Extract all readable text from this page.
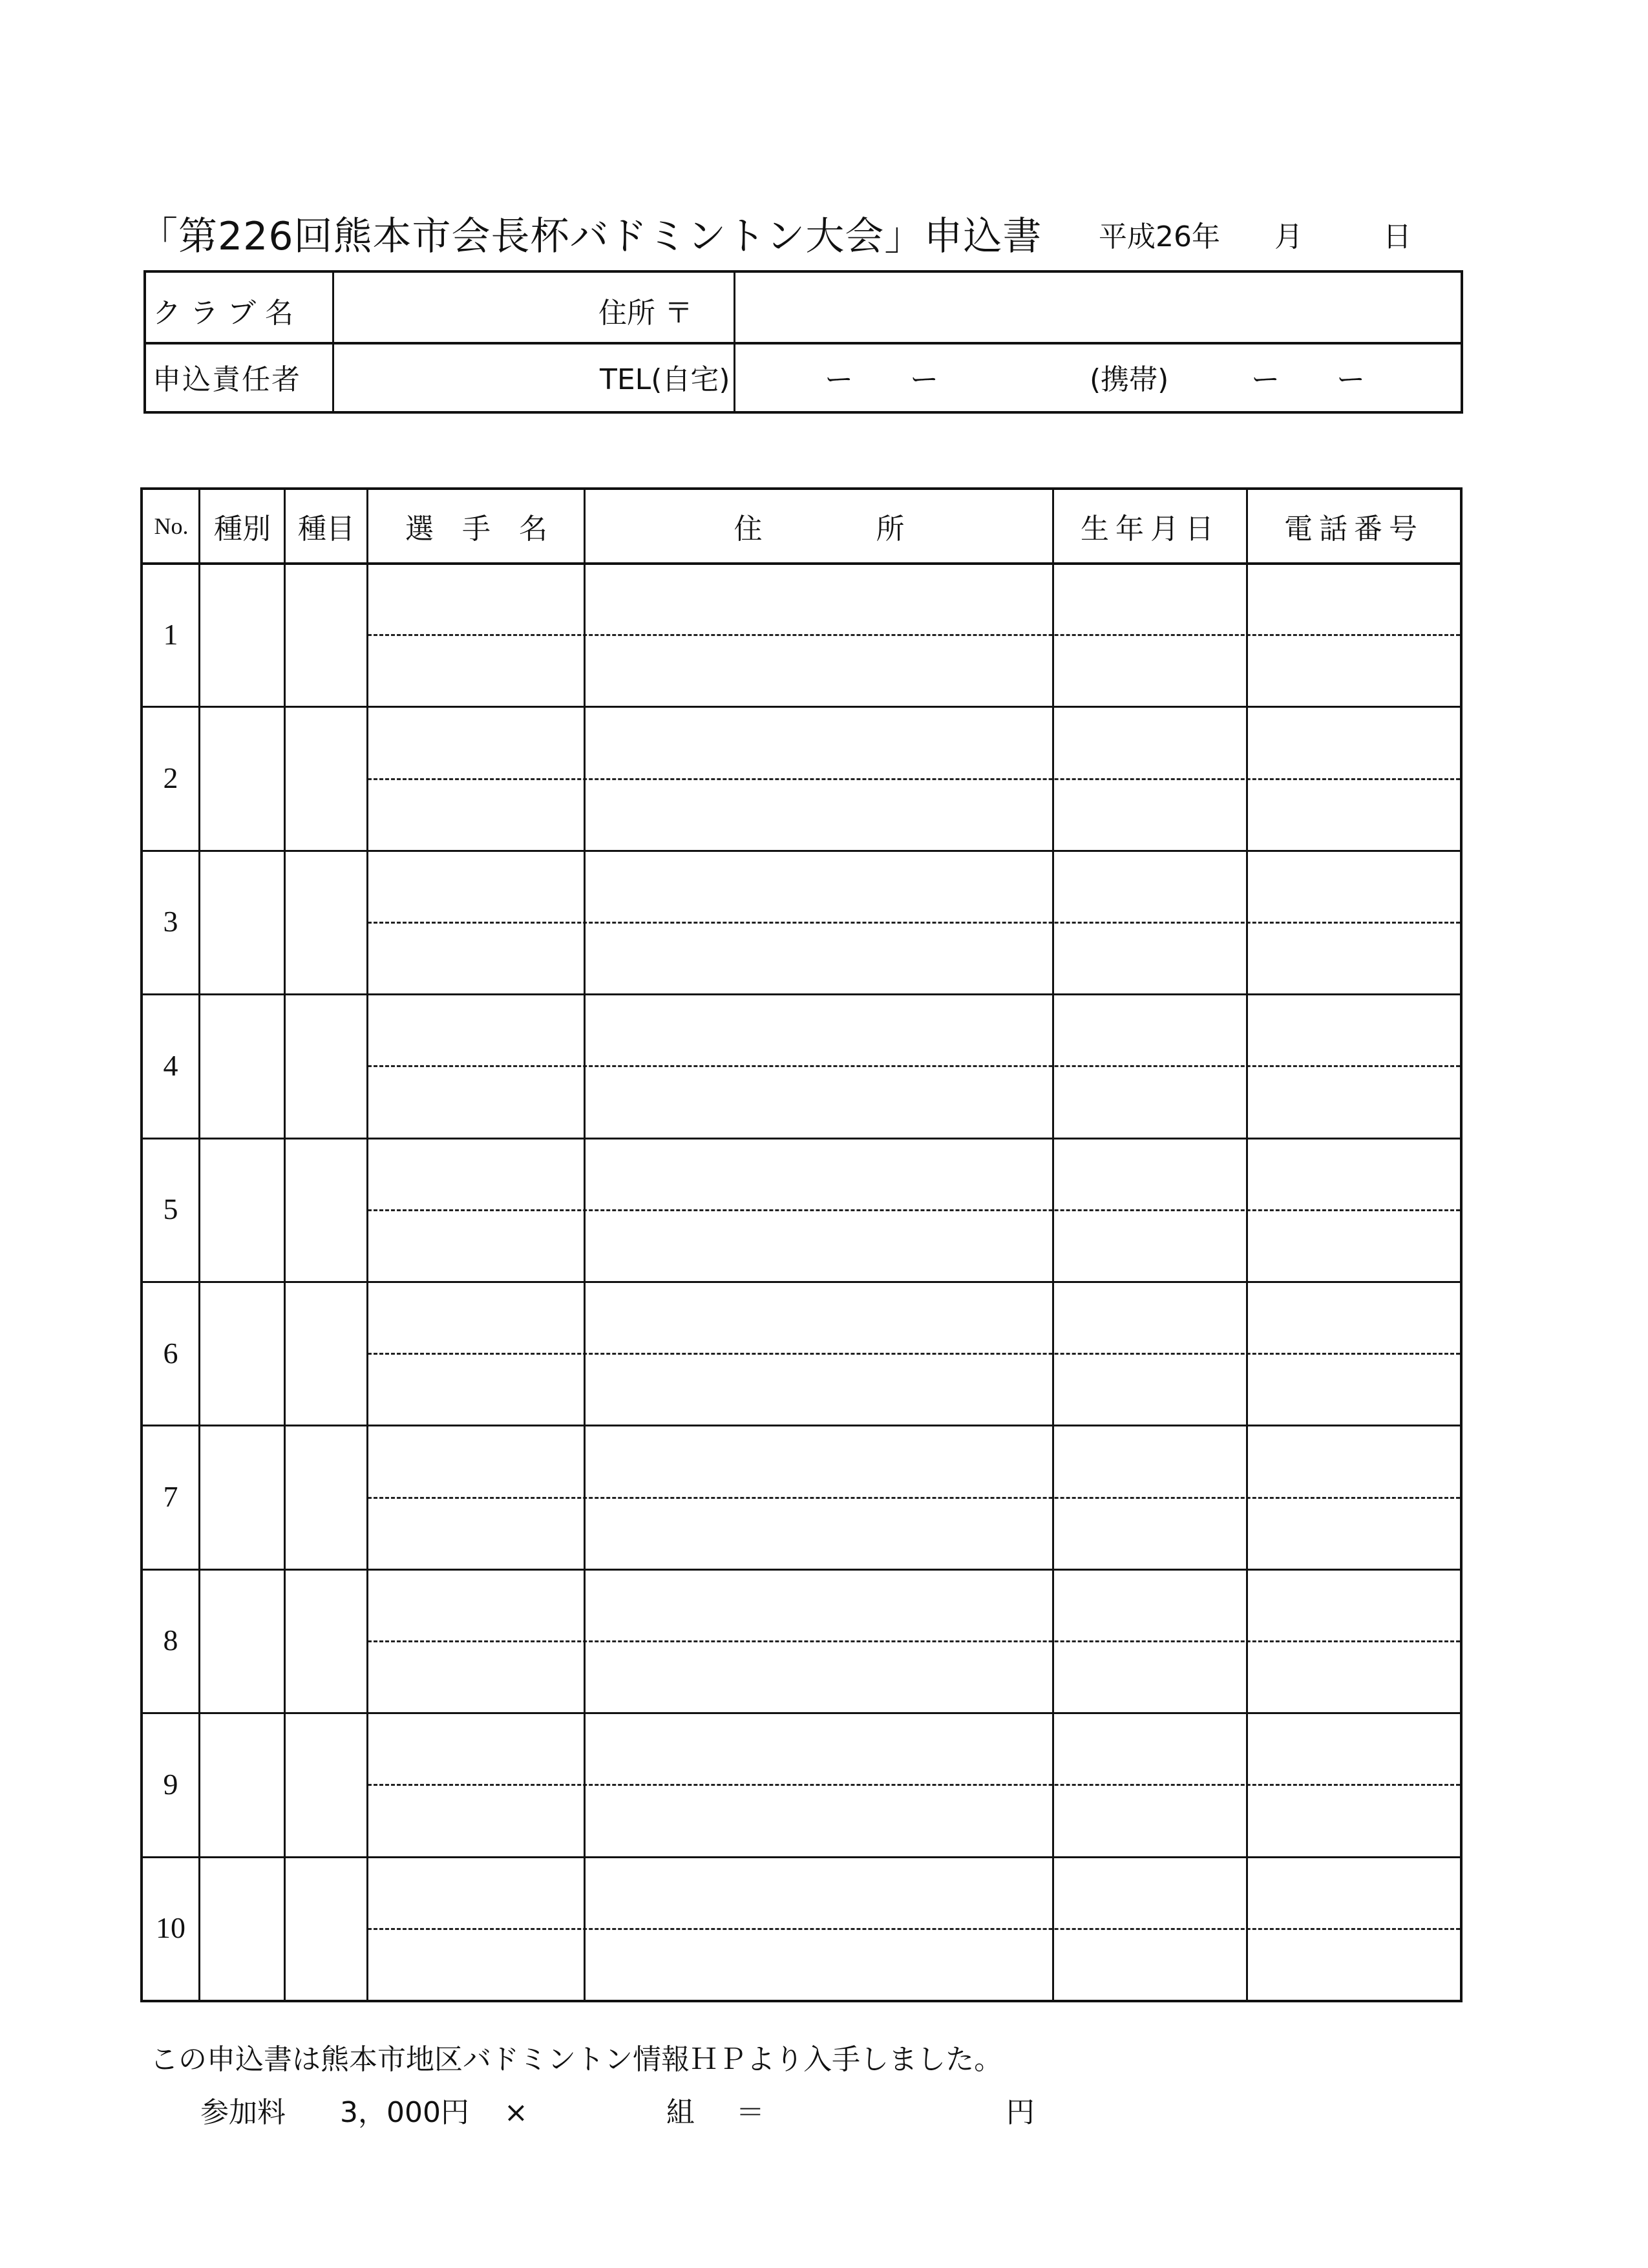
「第226回熊本市会長杯バドミントン大会」申込書 平成26年 月	日
クラブ名	住所 〒
申込責任者	TEL(自宅)	ー　　ー	(携帯)	ー　　ー
No. 種別 種目	選　手　名	住　　　　所	生年月日	電話番号
1
2
3
4
5
6
7
8
9
10
この申込書は熊本市地区バドミントン情報ＨＰより入手しました。
参加料 3，000円 ×	組 ＝	円
